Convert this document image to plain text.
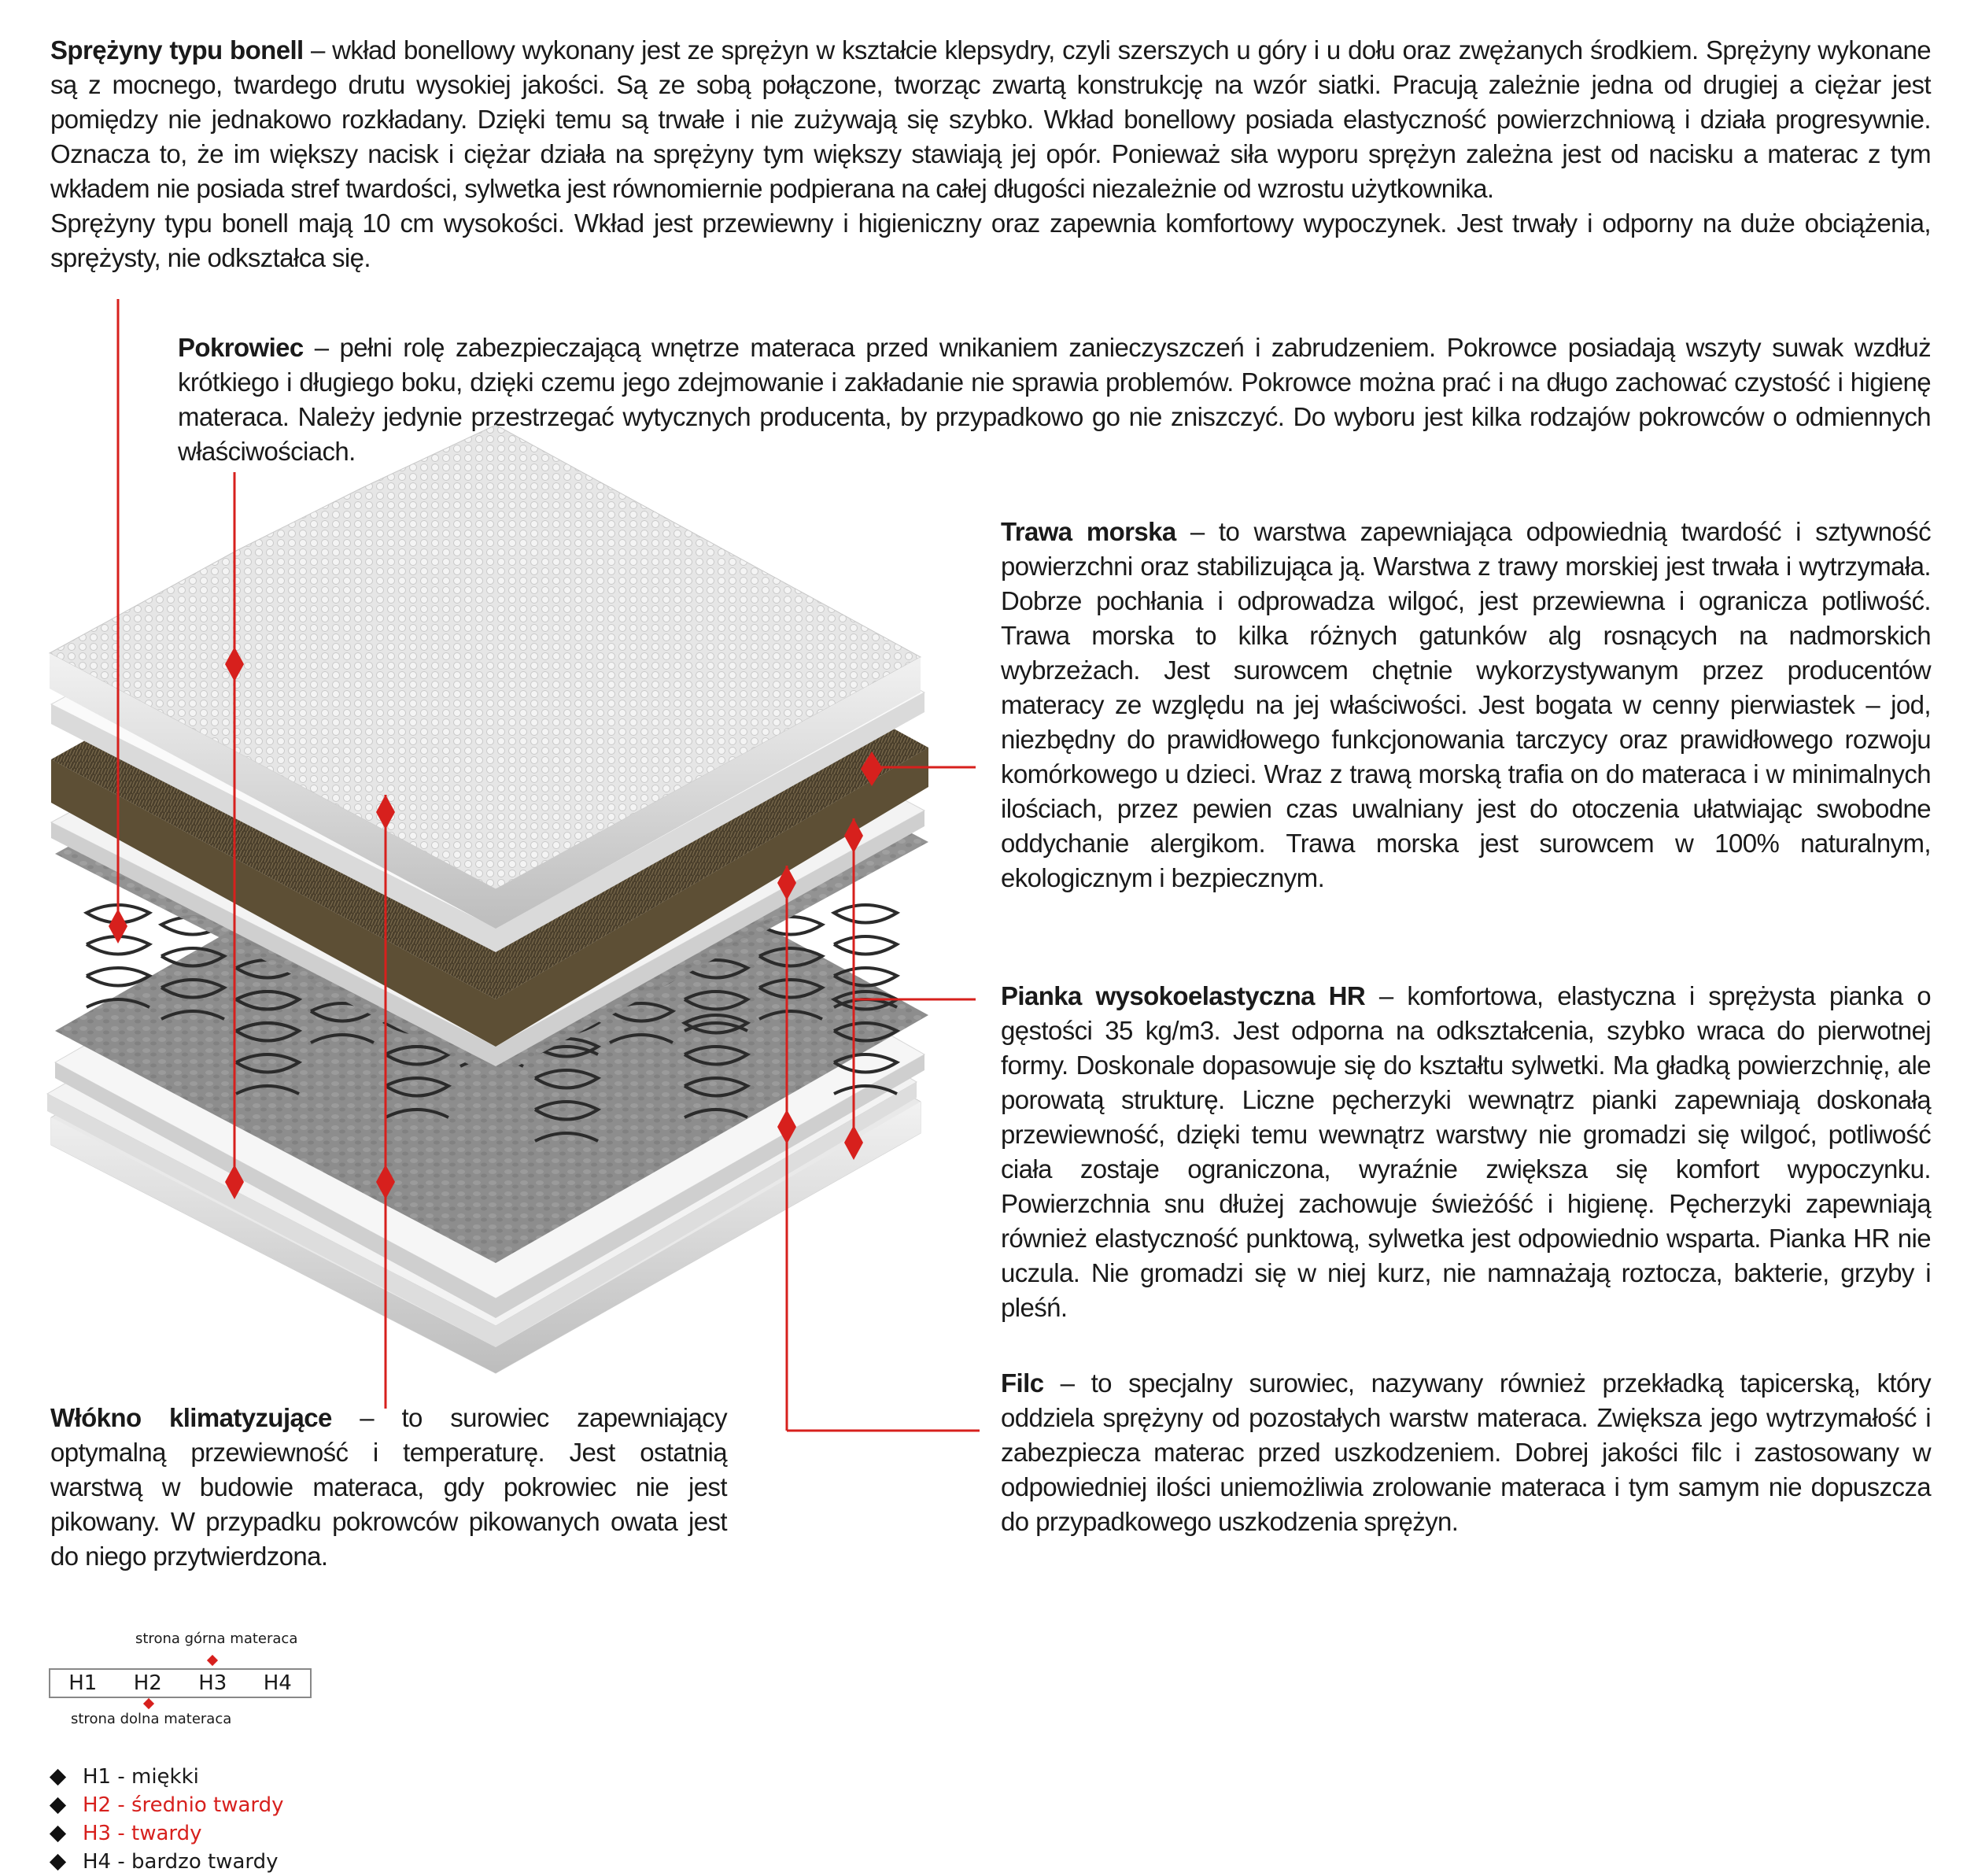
Sprężyny typu bonell – wkład bonellowy wykonany jest ze sprężyn w kształcie klepsydry, czyli szerszych u góry i u dołu oraz zwężanych środkiem. Sprężyny wykonane są z mocnego, twardego drutu wysokiej jakości. Są ze sobą połączone, tworząc zwartą konstrukcję na wzór siatki. Pracują zależnie jedna od drugiej a ciężar jest pomiędzy nie jednakowo rozkładany. Dzięki temu są trwałe i nie zużywają się szybko. Wkład bonellowy posiada elastyczność powierzchniową i działa progresywnie. Oznacza to, że im większy nacisk i ciężar działa na sprężyny tym większy stawiają jej opór. Ponieważ siła wyporu sprężyn zależna jest od nacisku a materac z tym wkładem nie posiada stref twardości, sylwetka jest równomiernie podpierana na całej długości niezależnie od wzrostu użytkownika.

Sprężyny typu bonell mają 10 cm wysokości. Wkład jest przewiewny i higieniczny oraz zapewnia komfortowy wypoczynek. Jest trwały i odporny na duże obciążenia, sprężysty, nie odkształca się.

Pokrowiec – pełni rolę zabezpieczającą wnętrze materaca przed wnikaniem zanieczyszczeń i zabrudzeniem. Pokrowce posiadają wszyty suwak wzdłuż krótkiego i długiego boku, dzięki czemu jego zdejmowanie i zakładanie nie sprawia problemów. Pokrowce można prać i na długo zachować czystość i higienę materaca. Należy jedynie przestrzegać wytycznych producenta, by przypadkowo go nie zniszczyć. Do wyboru jest kilka rodzajów pokrowców o odmiennych właściwościach.
Trawa morska – to warstwa zapewniająca odpowiednią twardość i sztywność powierzchni oraz stabilizująca ją. Warstwa z trawy morskiej jest trwała i wytrzymała. Dobrze pochłania i odprowadza wilgoć, jest przewiewna i ogranicza potliwość. Trawa morska to kilka różnych gatunków alg rosnących na nadmorskich wybrzeżach. Jest surowcem chętnie wykorzystywanym przez producentów materacy ze względu na jej właściwości. Jest bogata w cenny pierwiastek – jod, niezbędny do prawidłowego funkcjonowania tarczycy oraz prawidłowego rozwoju komórkowego u dzieci. Wraz z trawą morską trafia on do materaca i w minimalnych ilościach, przez pewien czas uwalniany jest do otoczenia ułatwiając swobodne oddychanie alergikom. Trawa morska jest surowcem w 100% naturalnym, ekologicznym i bezpiecznym.
Pianka wysokoelastyczna HR – komfortowa, elastyczna i sprężysta pianka o gęstości 35 kg/m3. Jest odporna na odkształcenia, szybko wraca do pierwotnej formy. Doskonale dopasowuje się do kształtu sylwetki. Ma gładką powierzchnię, ale porowatą strukturę. Liczne pęcherzyki wewnątrz pianki zapewniają doskonałą przewiewność, dzięki temu wewnątrz warstwy nie gromadzi się wilgoć, potliwość ciała zostaje ograniczona, wyraźnie zwiększa się komfort wypoczynku. Powierzchnia snu dłużej zachowuje świeżóść i higienę. Pęcherzyki zapewniają również elastyczność punktową, sylwetka jest odpowiednio wsparta. Pianka HR nie uczula. Nie gromadzi się w niej kurz, nie namnażają roztocza, bakterie, grzyby i pleśń.
Filc – to specjalny surowiec, nazywany również przekładką tapicerską, który oddziela sprężyny od pozostałych warstw materaca. Zwiększa jego wytrzymałość i zabezpiecza materac przed uszkodzeniem. Dobrej jakości filc i zastosowany w odpowiedniej ilości uniemożliwia zrolowanie materaca i tym samym nie dopuszcza do przypadkowego uszkodzenia sprężyn.
Włókno klimatyzujące – to surowiec zapewniający optymalną przewiewność i temperaturę. Jest ostatnią warstwą w budowie materaca, gdy pokrowiec nie jest pikowany. W przypadku pokrowców pikowanych owata jest do niego przytwierdzona.
strona górna materaca
H1	H2	H3	H4
strona dolna materaca
H1 - miękki
H2 - średnio twardy
H3 - twardy
H4 - bardzo twardy
